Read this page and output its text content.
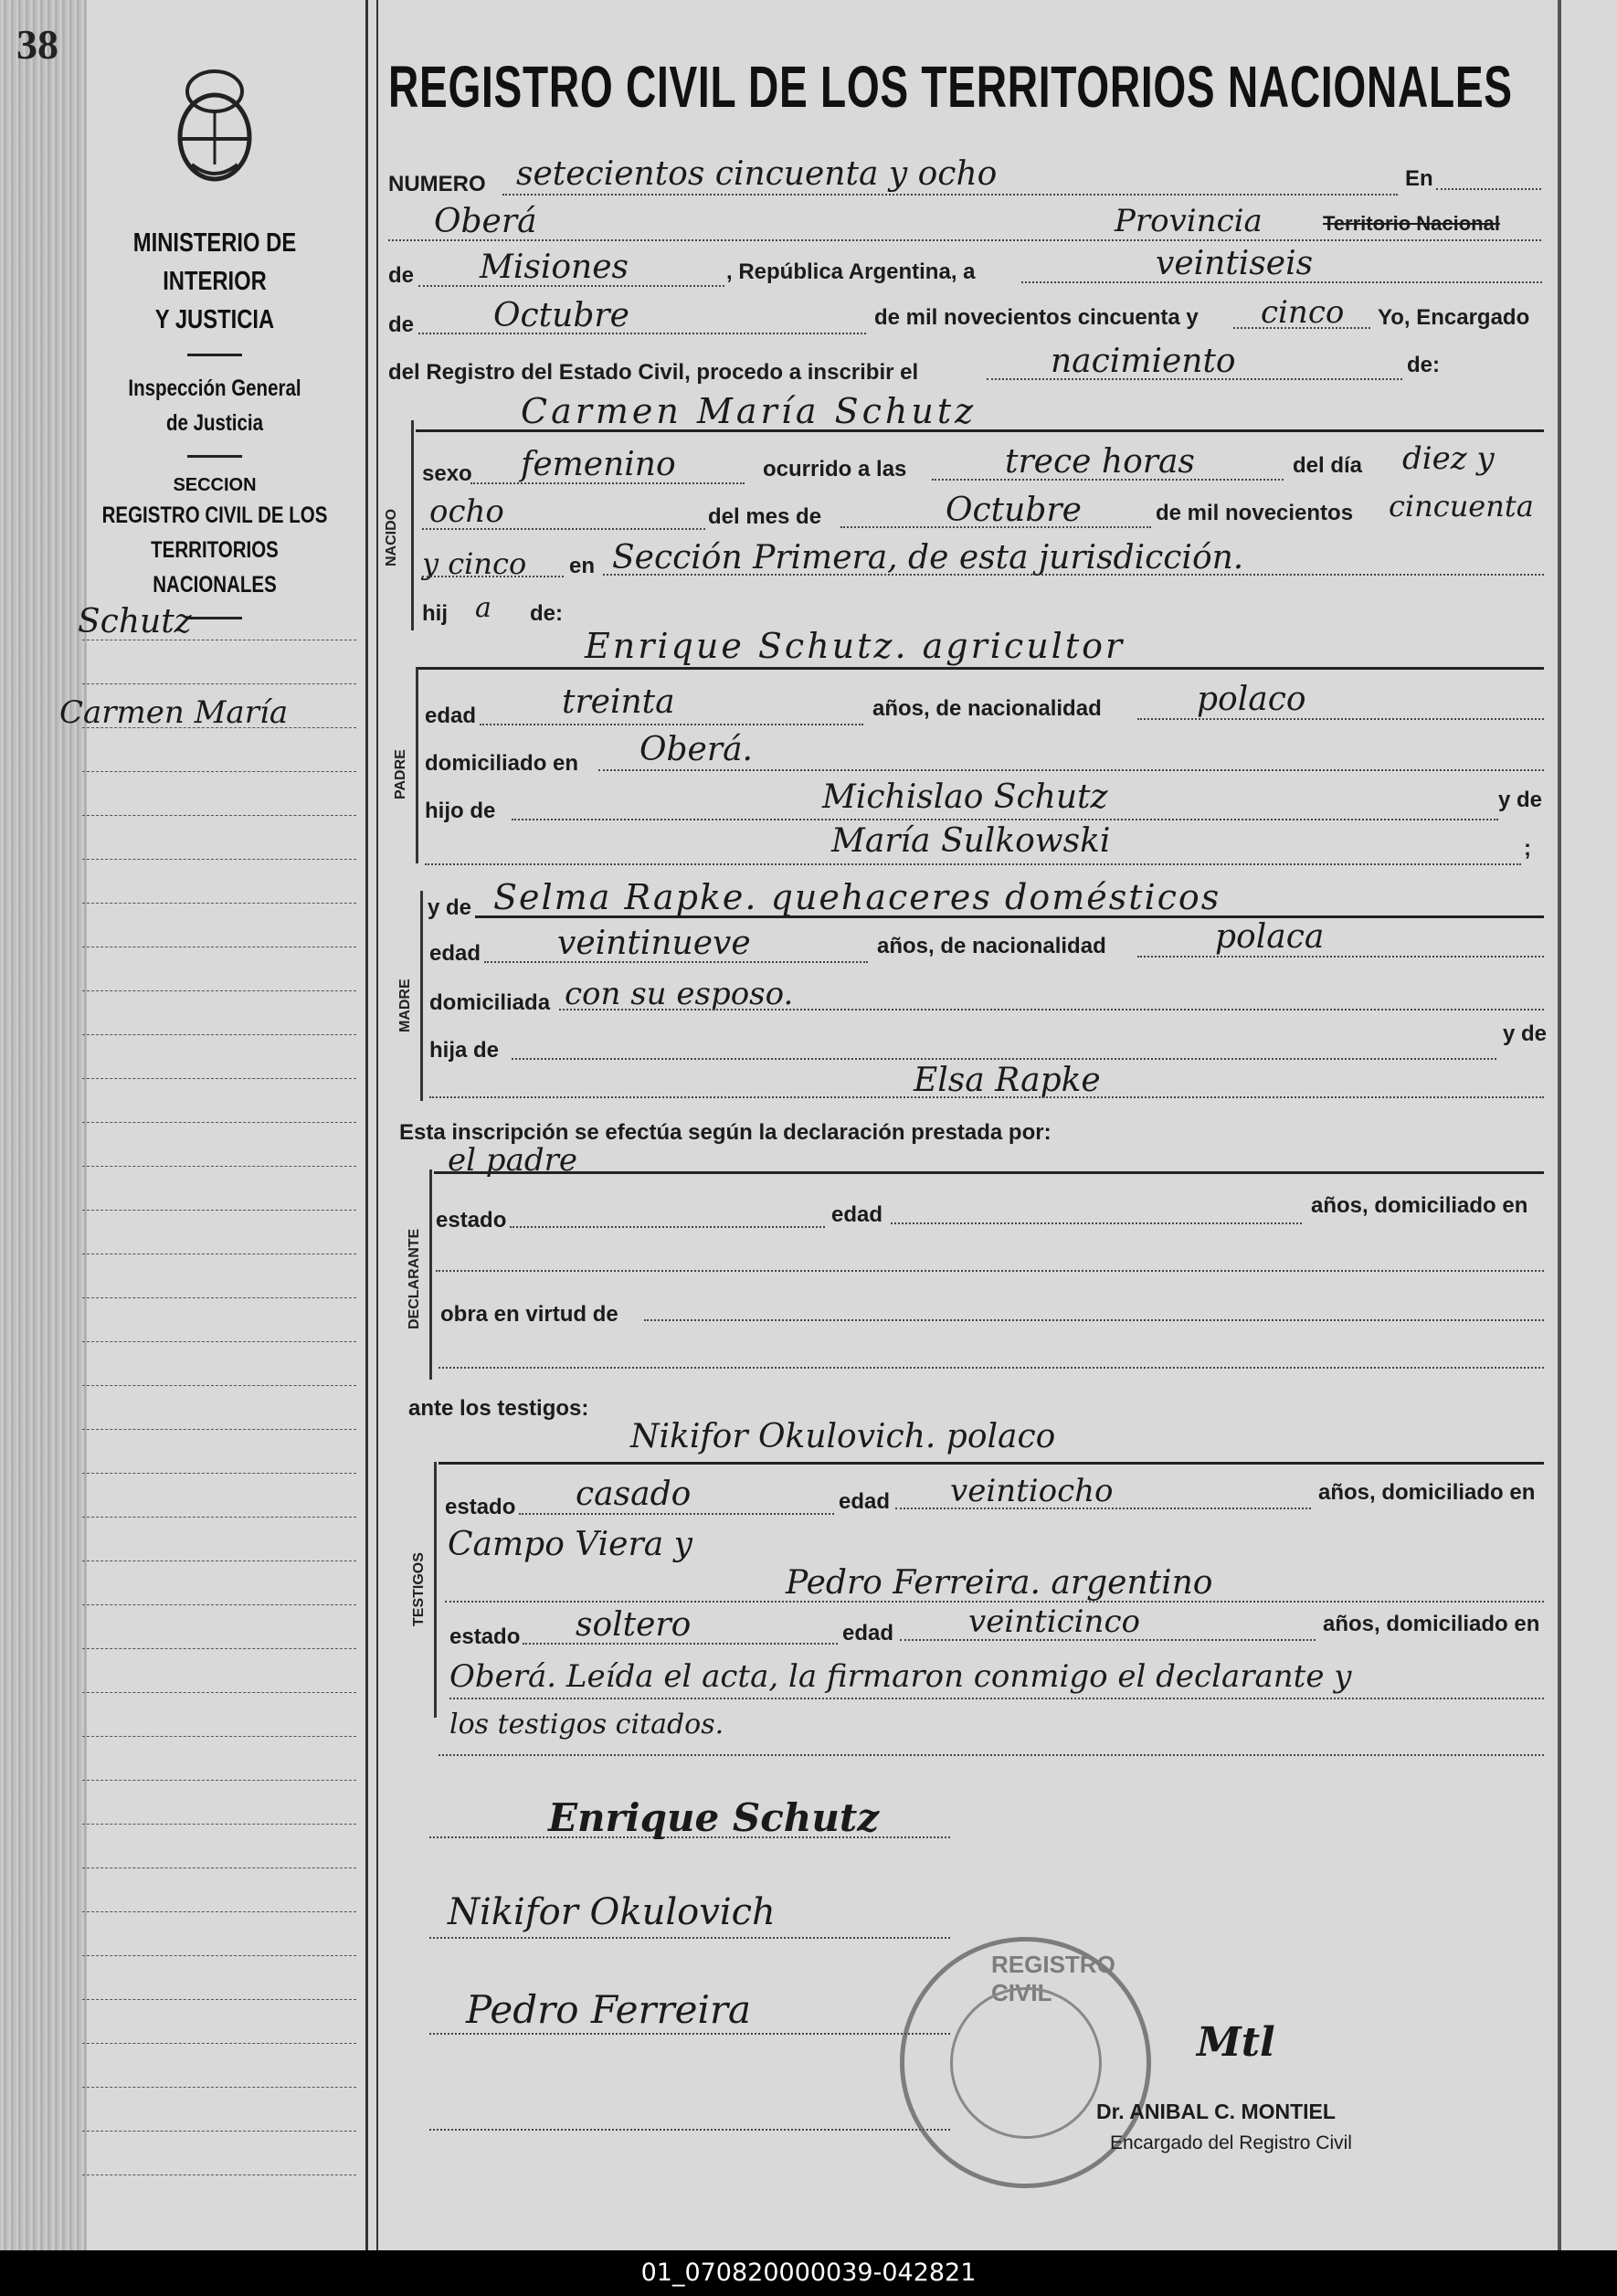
38
MINISTERIO DE INTERIOR
Y JUSTICIA
Inspección General
de Justicia
SECCION
REGISTRO CIVIL DE LOS
TERRITORIOS NACIONALES
Schutz
Carmen María
REGISTRO CIVIL DE LOS TERRITORIOS NACIONALES
NUMERO setecientos cincuenta y ocho	En
Oberá	Provincia	Territorio Nacional
de Misiones	, República Argentina, a	veintiseis
de Octubre	de mil novecientos cincuenta y cinco Yo, Encargado
del Registro del Estado Civil, procedo a inscribir el	nacimiento	de:
Carmen María Schutz
NACIDO
sexo femenino	ocurrido a las	trece horas	del día diez y
ocho	del mes de	Octubre	de mil novecientos cincuenta
y cinco en Sección Primera, de esta jurisdicción.
hij a de:
Enrique Schutz. agricultor
PADRE
edad	treinta	años, de nacionalidad	polaco
domiciliado en Oberá.
hijo de	Michislao Schutz	y de
María Sulkowski	;
MADRE
y de Selma Rapke. quehaceres domésticos
edad veintinueve	años, de nacionalidad	polaca
domiciliada con su esposo.
hija de
y de
Elsa Rapke
Esta inscripción se efectúa según la declaración prestada por:
el padre
DECLARANTE
estado	edad	años, domiciliado en
obra en virtud de
ante los testigos:
Nikifor Okulovich. polaco
TESTIGOS
estado casado	edad veintiocho	años, domiciliado en
Campo Viera y
Pedro Ferreira. argentino
estado soltero	edad veinticinco	años, domiciliado en
Oberá. Leída el acta, la firmaron conmigo el declarante y
los testigos citados.
Enrique Schutz
Nikifor Okulovich
Pedro Ferreira
REGISTRO CIVIL
Mtl
Dr. ANIBAL C. MONTIEL
Encargado del Registro Civil
01_070820000039-042821
